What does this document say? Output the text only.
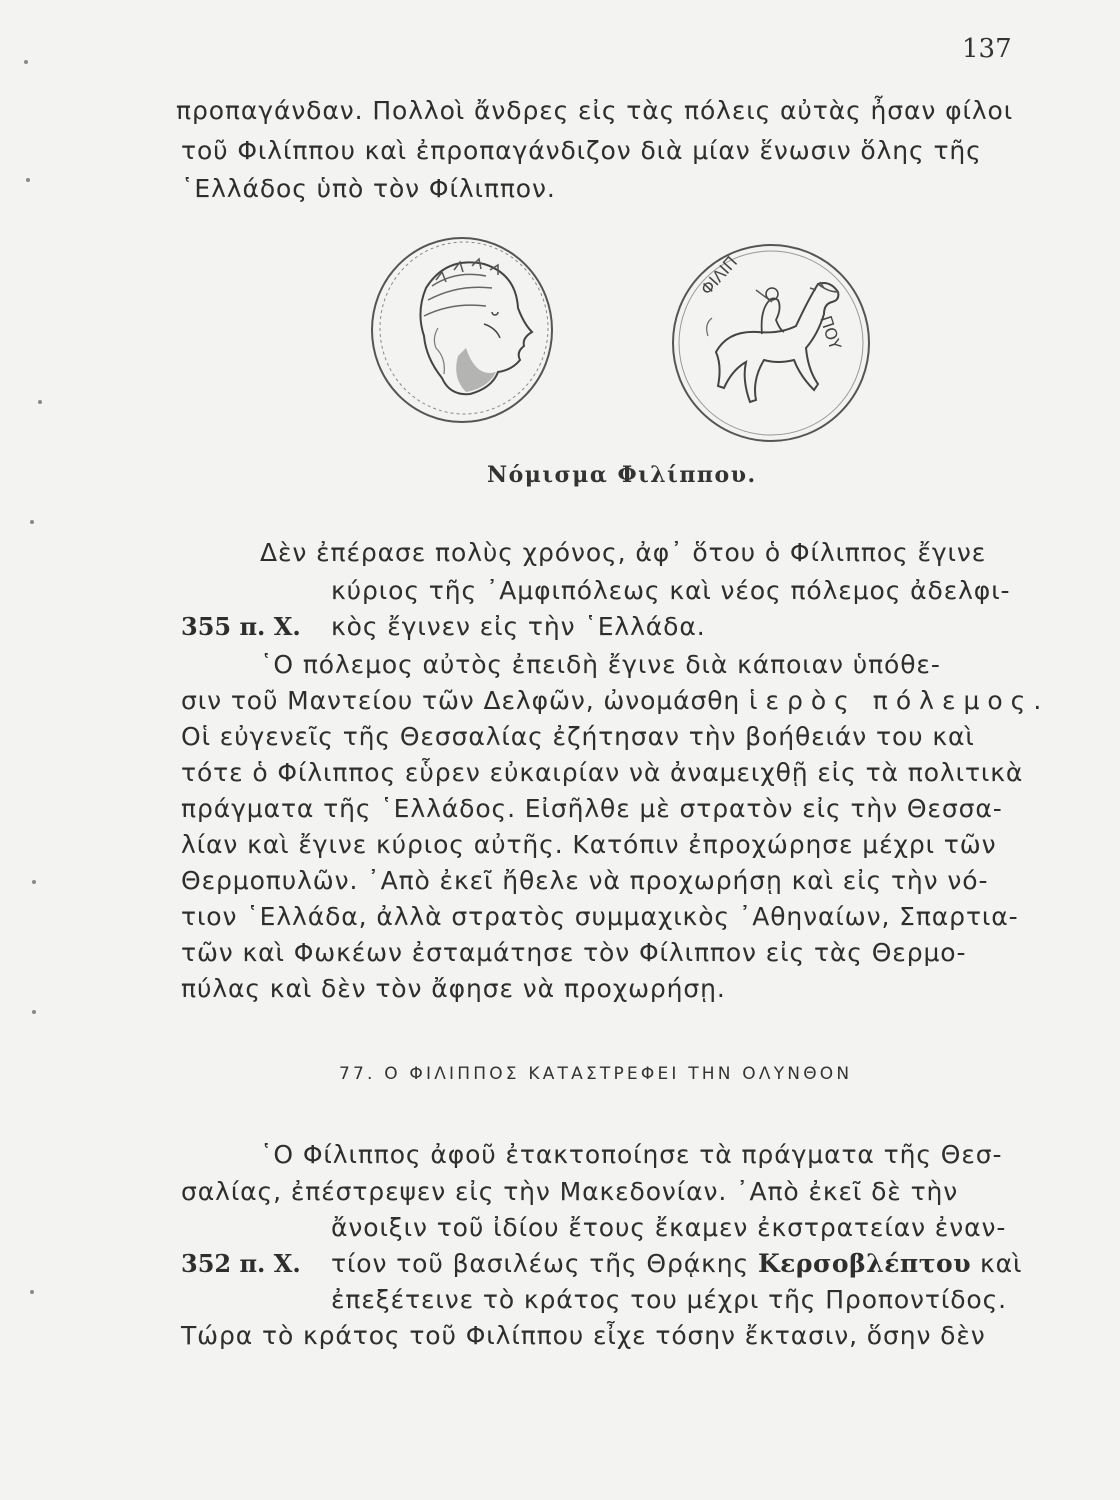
137
προπαγάνδαν. Πολλοὶ ἄνδρες εἰς τὰς πόλεις αὐτὰς ἦσαν φίλοι
τοῦ Φιλίππου καὶ ἐπροπαγάνδιζον διὰ μίαν ἕνωσιν ὅλης τῆς
῾Ελλάδος ὑπὸ τὸν Φίλιππον.
ΦΙΛΙΠ
ΠΟΥ
Νόμισμα Φιλίππου.
Δὲν ἐπέρασε πολὺς χρόνος, ἀφ᾽ ὅτου ὁ Φίλιππος ἔγινε
κύριος τῆς ᾽Αμφιπόλεως καὶ νέος πόλεμος ἀδελφι-
355 π. Χ. κὸς ἔγινεν εἰς τὴν ῾Ελλάδα.
῾Ο πόλεμος αὐτὸς ἐπειδὴ ἔγινε διὰ κάποιαν ὑπόθε-
σιν τοῦ Μαντείου τῶν Δελφῶν, ὠνομάσθη ἱερὸς πόλεμος.
Οἱ εὐγενεῖς τῆς Θεσσαλίας ἐζήτησαν τὴν βοήθειάν του καὶ
τότε ὁ Φίλιππος εὗρεν εὐκαιρίαν νὰ ἀναμειχθῇ εἰς τὰ πολιτικὰ
πράγματα τῆς ῾Ελλάδος. Εἰσῆλθε μὲ στρατὸν εἰς τὴν Θεσσα-
λίαν καὶ ἔγινε κύριος αὐτῆς. Κατόπιν ἐπροχώρησε μέχρι τῶν
Θερμοπυλῶν. ᾽Απὸ ἐκεῖ ἤθελε νὰ προχωρήσῃ καὶ εἰς τὴν νό-
τιον ῾Ελλάδα, ἀλλὰ στρατὸς συμμαχικὸς ᾽Αθηναίων, Σπαρτια-
τῶν καὶ Φωκέων ἐσταμάτησε τὸν Φίλιππον εἰς τὰς Θερμο-
πύλας καὶ δὲν τὸν ἄφησε νὰ προχωρήσῃ.
77. Ο ΦΙΛΙΠΠΟΣ ΚΑΤΑΣΤΡΕΦΕΙ ΤΗΝ ΟΛΥΝΘΟΝ
῾Ο Φίλιππος ἀφοῦ ἐτακτοποίησε τὰ πράγματα τῆς Θεσ-
σαλίας, ἐπέστρεψεν εἰς τὴν Μακεδονίαν. ᾽Απὸ ἐκεῖ δὲ τὴν
ἄνοιξιν τοῦ ἰδίου ἔτους ἔκαμεν ἐκστρατείαν ἐναν-
352 π. Χ. τίον τοῦ βασιλέως τῆς Θρᾴκης Κερσοβλέπτου καὶ
ἐπεξέτεινε τὸ κράτος του μέχρι τῆς Προποντίδος.
Τώρα τὸ κράτος τοῦ Φιλίππου εἶχε τόσην ἔκτασιν, ὅσην δὲν
